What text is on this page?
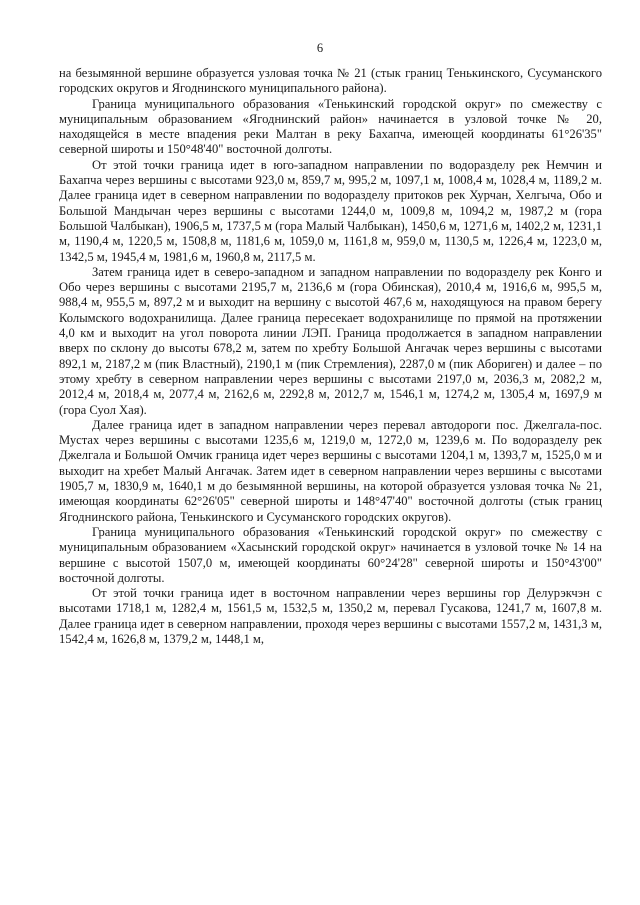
6

на безымянной вершине образуется узловая точка № 21 (стык границ Тенькинского, Сусуманского городских округов и Ягоднинского муниципального района).

Граница муниципального образования «Тенькинский городской округ» по смежеству с муниципальным образованием «Ягоднинский район» начинается в узловой точке № 20, находящейся в месте впадения реки Малтан в реку Бахапча, имеющей координаты 61°26'35" северной широты и 150°48'40" восточной долготы.

От этой точки граница идет в юго-западном направлении по водоразделу рек Немчин и Бахапча через вершины с высотами 923,0 м, 859,7 м, 995,2 м, 1097,1 м, 1008,4 м, 1028,4 м, 1189,2 м. Далее граница идет в северном направлении по водоразделу притоков рек Хурчан, Хелгыча, Обо и Большой Мандычан через вершины с высотами 1244,0 м, 1009,8 м, 1094,2 м, 1987,2 м (гора Большой Чалбыкан), 1906,5 м, 1737,5 м (гора Малый Чалбыкан), 1450,6 м, 1271,6 м, 1402,2 м, 1231,1 м, 1190,4 м, 1220,5 м, 1508,8 м, 1181,6 м, 1059,0 м, 1161,8 м, 959,0 м, 1130,5 м, 1226,4 м, 1223,0 м, 1342,5 м, 1945,4 м, 1981,6 м, 1960,8 м, 2117,5 м.

Затем граница идет в северо-западном и западном направлении по водоразделу рек Конго и Обо через вершины с высотами 2195,7 м, 2136,6 м (гора Обинская), 2010,4 м, 1916,6 м, 995,5 м, 988,4 м, 955,5 м, 897,2 м и выходит на вершину с высотой 467,6 м, находящуюся на правом берегу Колымского водохранилища. Далее граница пересекает водохранилище по прямой на протяжении 4,0 км и выходит на угол поворота линии ЛЭП. Граница продолжается в западном направлении вверх по склону до высоты 678,2 м, затем по хребту Большой Ангачак через вершины с высотами 892,1 м, 2187,2 м (пик Властный), 2190,1 м (пик Стремления), 2287,0 м (пик Абориген) и далее – по этому хребту в северном направлении через вершины с высотами 2197,0 м, 2036,3 м, 2082,2 м, 2012,4 м, 2018,4 м, 2077,4 м, 2162,6 м, 2292,8 м, 2012,7 м, 1546,1 м, 1274,2 м, 1305,4 м, 1697,9 м (гора Суол Хая).

Далее граница идет в западном направлении через перевал автодороги пос. Джелгала-пос. Мустах через вершины с высотами 1235,6 м, 1219,0 м, 1272,0 м, 1239,6 м. По водоразделу рек Джелгала и Большой Омчик граница идет через вершины с высотами 1204,1 м, 1393,7 м, 1525,0 м и выходит на хребет Малый Ангачак. Затем идет в северном направлении через вершины с высотами 1905,7 м, 1830,9 м, 1640,1 м до безымянной вершины, на которой образуется узловая точка № 21, имеющая координаты 62°26'05" северной широты и 148°47'40" восточной долготы (стык границ Ягоднинского района, Тенькинского и Сусуманского городских округов).

Граница муниципального образования «Тенькинский городской округ» по смежеству с муниципальным образованием «Хасынский городской округ» начинается в узловой точке № 14 на вершине с высотой 1507,0 м, имеющей координаты 60°24'28" северной широты и 150°43'00" восточной долготы.

От этой точки граница идет в восточном направлении через вершины гор Делурэкчэн с высотами 1718,1 м, 1282,4 м, 1561,5 м, 1532,5 м, 1350,2 м, перевал Гусакова, 1241,7 м, 1607,8 м. Далее граница идет в северном направлении, проходя через вершины с высотами 1557,2 м, 1431,3 м, 1542,4 м, 1626,8 м, 1379,2 м, 1448,1 м,
